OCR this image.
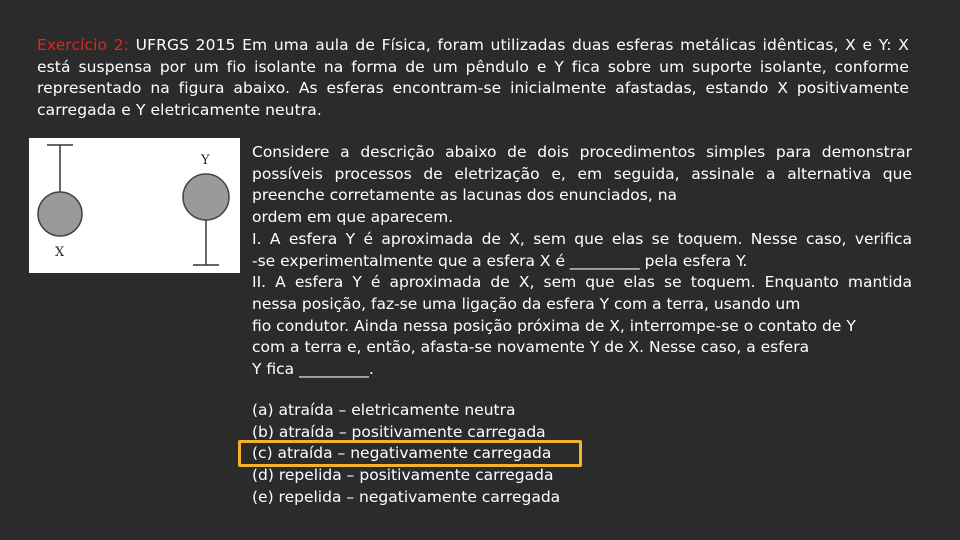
Exercício 2: UFRGS 2015 Em uma aula de Física, foram utilizadas duas esferas metálicas idênticas, X e Y: X está suspensa por um fio isolante na forma de um pêndulo e Y fica sobre um suporte isolante, conforme representado na figura abaixo. As esferas encontram-se inicialmente afastadas, estando X positivamente carregada e Y eletricamente neutra.
X
Y	Considere a descrição abaixo de dois procedimentos simples para demonstrar

possíveis processos de eletrização e, em seguida, assinale a alternativa que

preenche corretamente as lacunas dos enunciados, na

ordem em que aparecem.

I. A esfera Y é aproximada de X, sem que elas se toquem. Nesse caso, verifica

-se experimentalmente que a esfera X é _________ pela esfera Y.

II. A esfera Y é aproximada de X, sem que elas se toquem. Enquanto mantida

nessa posição, faz-se uma ligação da esfera Y com a terra, usando um

fio condutor. Ainda nessa posição próxima de X, interrompe-se o contato de Y

com a terra e, então, afasta-se novamente Y de X. Nesse caso, a esfera

Y fica _________.

(a) atraída – eletricamente neutra
(b) atraída – positivamente carregada
(c) atraída – negativamente carregada
(d) repelida – positivamente carregada
(e) repelida – negativamente carregada
